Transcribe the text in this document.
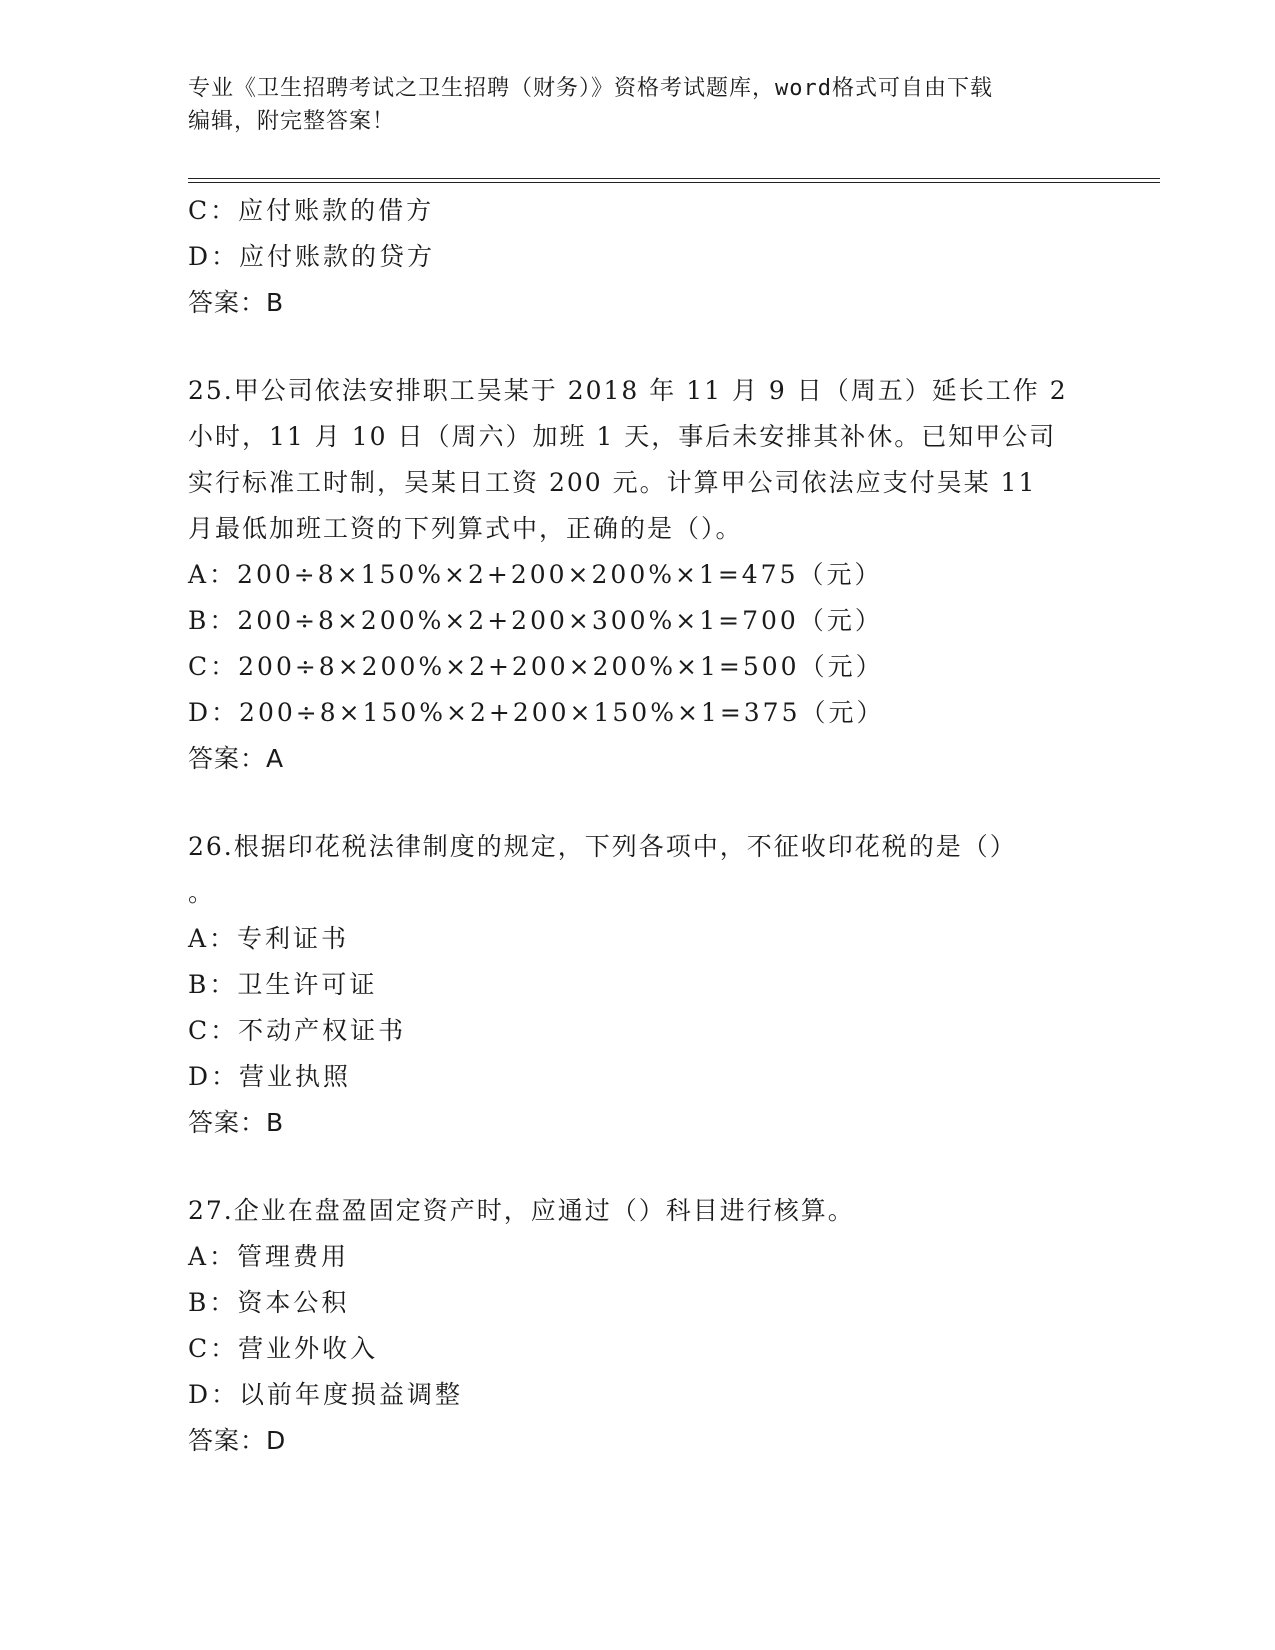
专业《卫生招聘考试之卫生招聘（财务）》资格考试题库，word格式可自由下载
编辑，附完整答案！
C：应付账款的借方
D：应付账款的贷方
答案：B
25.甲公司依法安排职工吴某于 2018 年 11 月 9 日（周五）延长工作 2
小时，11 月 10 日（周六）加班 1 天，事后未安排其补休。已知甲公司
实行标准工时制，吴某日工资 200 元。计算甲公司依法应支付吴某 11
月最低加班工资的下列算式中，正确的是（）。
A：200÷8×150%×2+200×200%×1=475（元）
B：200÷8×200%×2+200×300%×1=700（元）
C：200÷8×200%×2+200×200%×1=500（元）
D：200÷8×150%×2+200×150%×1=375（元）
答案：A
26.根据印花税法律制度的规定，下列各项中，不征收印花税的是（）
。
A：专利证书
B：卫生许可证
C：不动产权证书
D：营业执照
答案：B
27.企业在盘盈固定资产时，应通过（）科目进行核算。
A：管理费用
B：资本公积
C：营业外收入
D：以前年度损益调整
答案：D
